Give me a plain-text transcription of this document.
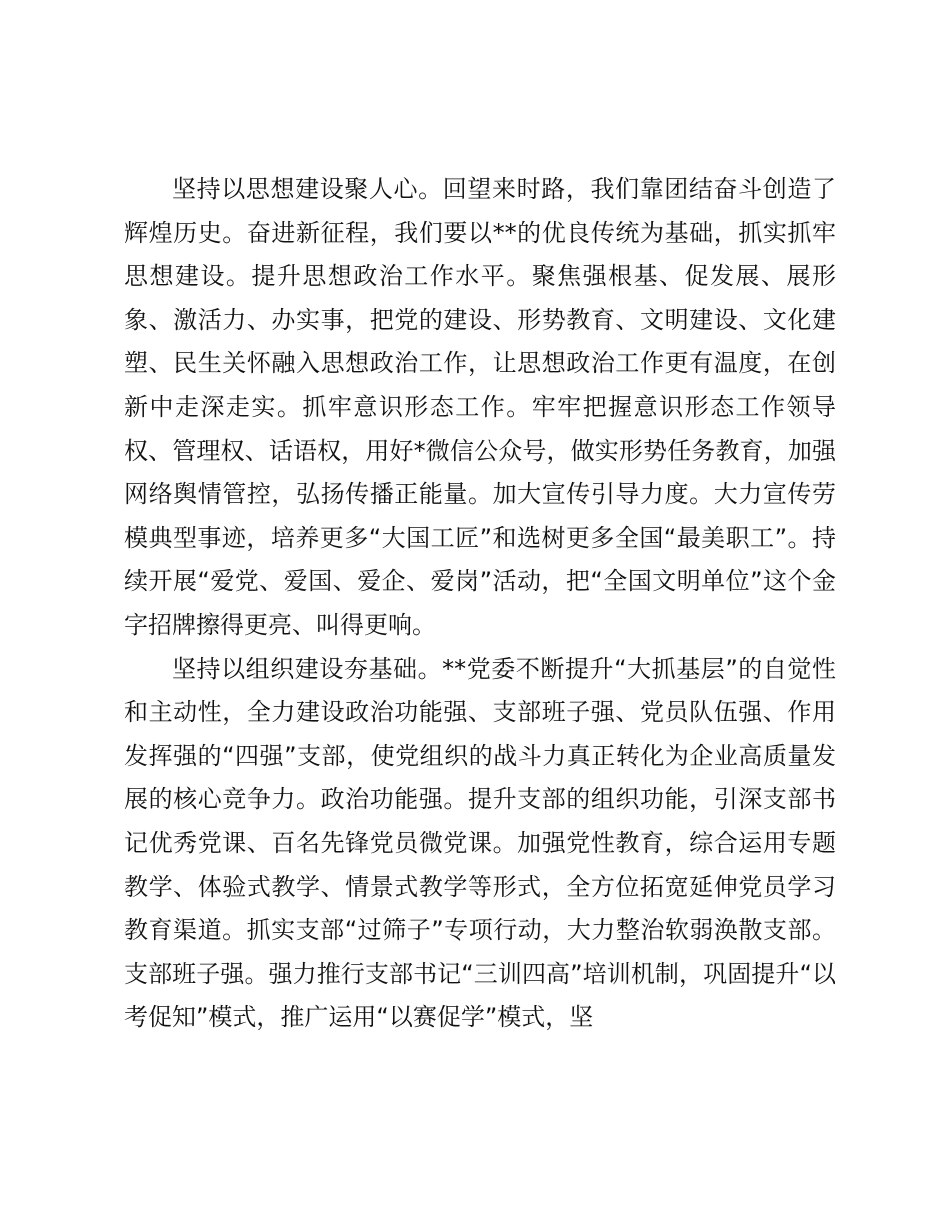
坚持以思想建设聚人心。回望来时路，我们靠团结奋斗创造了辉煌历史。奋进新征程，我们要以**的优良传统为基础，抓实抓牢思想建设。提升思想政治工作水平。聚焦强根基、促发展、展形象、激活力、办实事，把党的建设、形势教育、文明建设、文化建塑、民生关怀融入思想政治工作，让思想政治工作更有温度，在创新中走深走实。抓牢意识形态工作。牢牢把握意识形态工作领导权、管理权、话语权，用好*微信公众号，做实形势任务教育，加强网络舆情管控，弘扬传播正能量。加大宣传引导力度。大力宣传劳模典型事迹，培养更多“大国工匠”和选树更多全国“最美职工”。持续开展“爱党、爱国、爱企、爱岗”活动，把“全国文明单位”这个金字招牌擦得更亮、叫得更响。

坚持以组织建设夯基础。**党委不断提升“大抓基层”的自觉性和主动性，全力建设政治功能强、支部班子强、党员队伍强、作用发挥强的“四强”支部，使党组织的战斗力真正转化为企业高质量发展的核心竞争力。政治功能强。提升支部的组织功能，引深支部书记优秀党课、百名先锋党员微党课。加强党性教育，综合运用专题教学、体验式教学、情景式教学等形式，全方位拓宽延伸党员学习教育渠道。抓实支部“过筛子”专项行动，大力整治软弱涣散支部。支部班子强。强力推行支部书记“三训四高”培训机制，巩固提升“以考促知”模式，推广运用“以赛促学”模式，坚
